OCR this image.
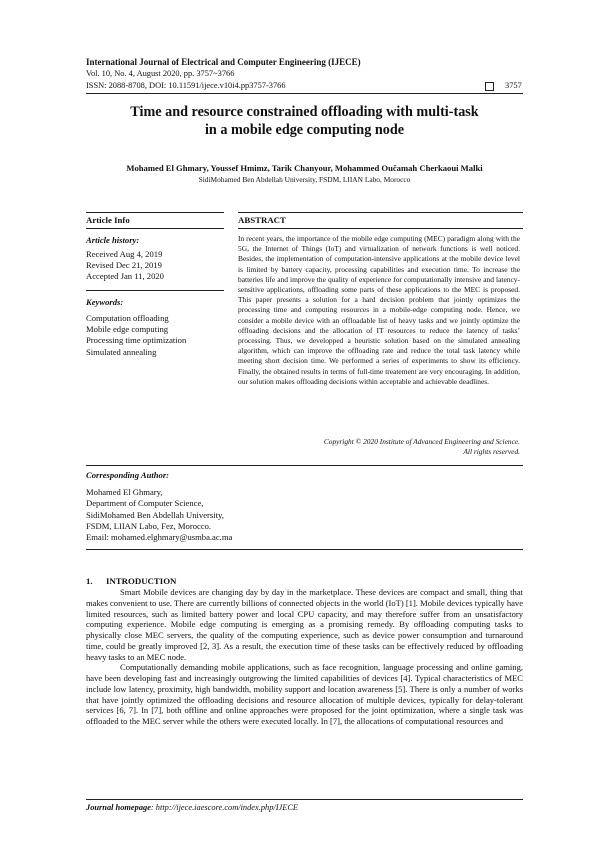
International Journal of Electrical and Computer Engineering (IJECE)
Vol. 10, No. 4, August 2020, pp. 3757~3766
ISSN: 2088-8708, DOI: 10.11591/ijece.v10i4.pp3757-3766	3757
Time and resource constrained offloading with multi-task
in a mobile edge computing node
Mohamed El Ghmary, Youssef Hmimz, Tarik Chanyour, Mohammed Oučamah Cherkaoui Malki
SidiMohamed Ben Abdellah University, FSDM, LIIAN Labo, Morocco
Article Info	ABSTRACT
Article history:
Received Aug 4, 2019
Revised Dec 21, 2019
Accepted Jan 11, 2020
Keywords:
Computation offloading
Mobile edge computing
Processing time optimization
Simulated annealing
In recent years, the importance of the mobile edge computing (MEC) paradigm along with the 5G, the Internet of Things (IoT) and virtualization of network functions is well noticed. Besides, the implementation of computation-intensive applications at the mobile device level is limited by battery capacity, processing capabilities and execution time. To increase the batteries life and improve the quality of experience for computationally intensive and latency-sensitive applications, offloading some parts of these applications to the MEC is proposed. This paper presents a solution for a hard decision problem that jointly optimizes the processing time and computing resources in a mobile-edge computing node. Hence, we consider a mobile device with an offloadable list of heavy tasks and we jointly optimize the offloading decisions and the allocation of IT resources to reduce the latency of tasks’ processing. Thus, we developped a heuristic solution based on the simulated annealing algorithm, which can improve the offloading rate and reduce the total task latency while meeting short decision time. We performed a series of experiments to show its efficiency. Finally, the obtained results in terms of full-time treatement are very encouraging. In addition, our solution makes offloading decisions within acceptable and achievable deadlines.
Copyright © 2020 Institute of Advanced Engineering and Science.
All rights reserved.
Corresponding Author:
Mohamed El Ghmary,
Department of Computer Science,
SidiMohamed Ben Abdellah University,
FSDM, LIIAN Labo, Fez, Morocco.
Email: mohamed.elghmary@usmba.ac.ma
1. INTRODUCTION

Smart Mobile devices are changing day by day in the marketplace. These devices are compact and small, thing that makes convenient to use. There are currently billions of connected objects in the world (IoT) [1]. Mobile devices typically have limited resources, such as limited battery power and local CPU capacity, and may therefore suffer from an unsatisfactory computing experience. Mobile edge computing is emerging as a promising remedy. By offloading computing tasks to physically close MEC servers, the quality of the computing experience, such as device power consumption and turnaround time, could be greatly improved [2, 3]. As a result, the execution time of these tasks can be effectively reduced by offloading heavy tasks to an MEC node.

Computationally demanding mobile applications, such as face recognition, language processing and online gaming, have been developing fast and increasingly outgrowing the limited capabilities of devices [4]. Typical characteristics of MEC include low latency, proximity, high bandwidth, mobility support and location awareness [5]. There is only a number of works that have jointly optimized the offloading decisions and resource allocation of multiple devices, typically for delay-tolerant services [6, 7]. In [7], both offline and online approaches were proposed for the joint optimization, where a single task was offloaded to the MEC server while the others were executed locally. In [7], the allocations of computational resources and

Journal homepage: http://ijece.iaescore.com/index.php/IJECE
